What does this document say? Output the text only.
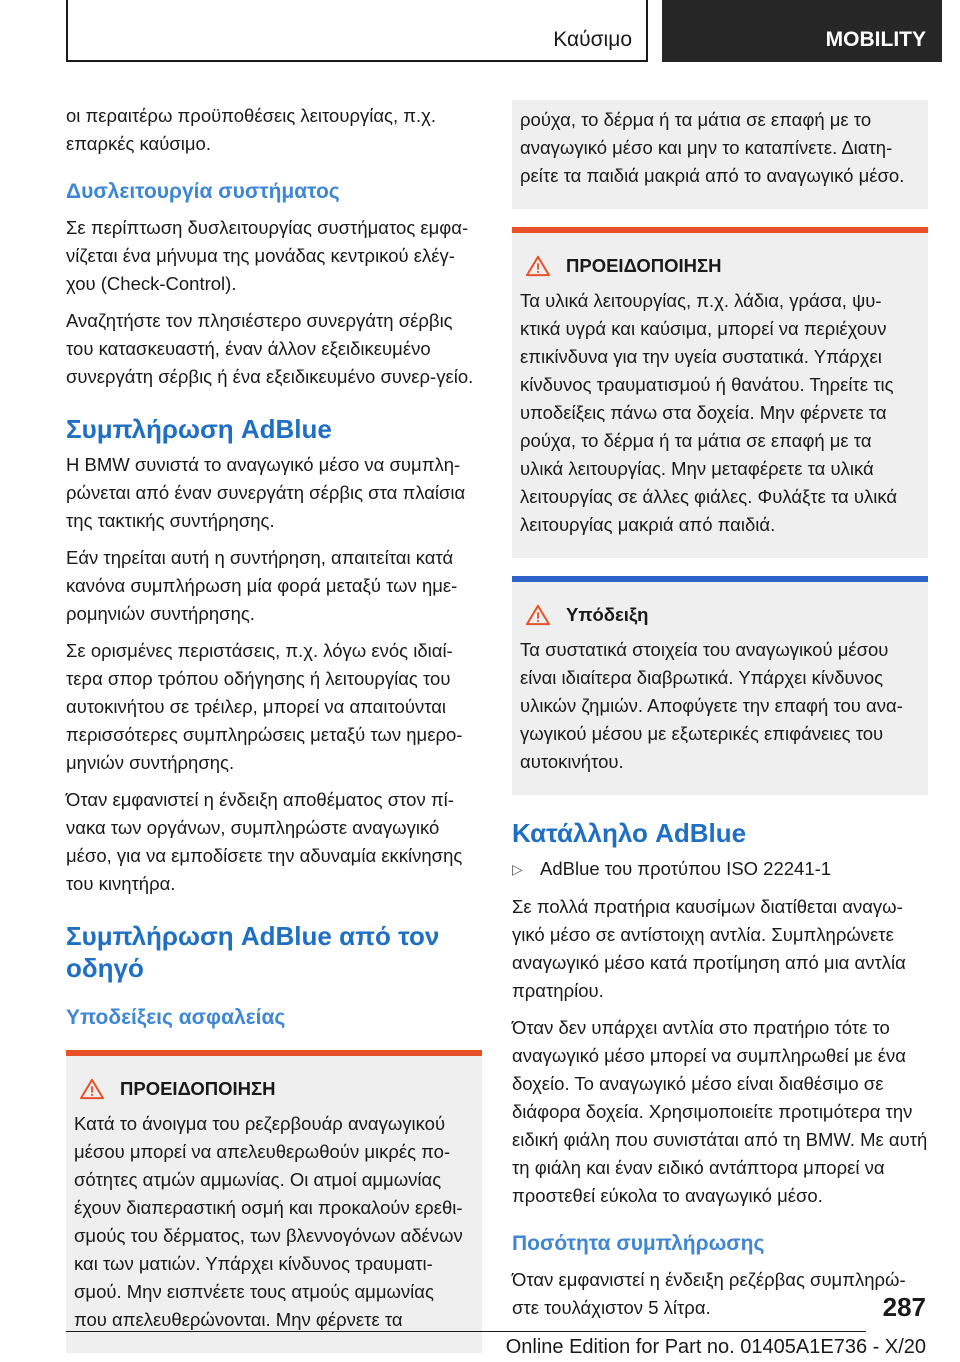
Καύσιμο	MOBILITY

οι περαιτέρω προϋποθέσεις λειτουργίας, π.χ. επαρκές καύσιμο.

Δυσλειτουργία συστήματος

Σε περίπτωση δυσλειτουργίας συστήματος εμφα-νίζεται ένα μήνυμα της μονάδας κεντρικού ελέγ-χου (Check-Control).

Αναζητήστε τον πλησιέστερο συνεργάτη σέρβις του κατασκευαστή, έναν άλλον εξειδικευμένο συνεργάτη σέρβις ή ένα εξειδικευμένο συνερ-γείο.

Συμπλήρωση AdBlue

Η BMW συνιστά το αναγωγικό μέσο να συμπλη-ρώνεται από έναν συνεργάτη σέρβις στα πλαίσια της τακτικής συντήρησης.

Εάν τηρείται αυτή η συντήρηση, απαιτείται κατά κανόνα συμπλήρωση μία φορά μεταξύ των ημε-ρομηνιών συντήρησης.

Σε ορισμένες περιστάσεις, π.χ. λόγω ενός ιδιαί-τερα σπορ τρόπου οδήγησης ή λειτουργίας του αυτοκινήτου σε τρέιλερ, μπορεί να απαιτούνται περισσότερες συμπληρώσεις μεταξύ των ημερο-μηνιών συντήρησης.

Όταν εμφανιστεί η ένδειξη αποθέματος στον πί-νακα των οργάνων, συμπληρώστε αναγωγικό μέσο, για να εμποδίσετε την αδυναμία εκκίνησης του κινητήρα.

Συμπλήρωση AdBlue από τον οδηγό
Υποδείξεις ασφαλείας
ΠΡΟΕΙΔΟΠΟΙΗΣΗ

Κατά το άνοιγμα του ρεζερβουάρ αναγωγικού μέσου μπορεί να απελευθερωθούν μικρές πο-σότητες ατμών αμμωνίας. Οι ατμοί αμμωνίας έχουν διαπεραστική οσμή και προκαλούν ερεθι-σμούς του δέρματος, των βλεννογόνων αδένων και των ματιών. Υπάρχει κίνδυνος τραυματι-σμού. Μην εισπνέετε τους ατμούς αμμωνίας που απελευθερώνονται. Μην φέρνετε τα

ρούχα, το δέρμα ή τα μάτια σε επαφή με το αναγωγικό μέσο και μην το καταπίνετε. Διατη-ρείτε τα παιδιά μακριά από το αναγωγικό μέσο.

ΠΡΟΕΙΔΟΠΟΙΗΣΗ

Τα υλικά λειτουργίας, π.χ. λάδια, γράσα, ψυ-κτικά υγρά και καύσιμα, μπορεί να περιέχουν επικίνδυνα για την υγεία συστατικά. Υπάρχει κίνδυνος τραυματισμού ή θανάτου. Τηρείτε τις υποδείξεις πάνω στα δοχεία. Μην φέρνετε τα ρούχα, το δέρμα ή τα μάτια σε επαφή με τα υλικά λειτουργίας. Μην μεταφέρετε τα υλικά λειτουργίας σε άλλες φιάλες. Φυλάξτε τα υλικά λειτουργίας μακριά από παιδιά.

Υπόδειξη

Τα συστατικά στοιχεία του αναγωγικού μέσου είναι ιδιαίτερα διαβρωτικά. Υπάρχει κίνδυνος υλικών ζημιών. Αποφύγετε την επαφή του ανα-γωγικού μέσου με εξωτερικές επιφάνειες του αυτοκινήτου.

Κατάλληλο AdBlue
▷ AdBlue του προτύπου ISO 22241-1

Σε πολλά πρατήρια καυσίμων διατίθεται αναγω-γικό μέσο σε αντίστοιχη αντλία. Συμπληρώνετε αναγωγικό μέσο κατά προτίμηση από μια αντλία πρατηρίου.

Όταν δεν υπάρχει αντλία στο πρατήριο τότε το αναγωγικό μέσο μπορεί να συμπληρωθεί με ένα δοχείο. Το αναγωγικό μέσο είναι διαθέσιμο σε διάφορα δοχεία. Χρησιμοποιείτε προτιμότερα την ειδική φιάλη που συνιστάται από τη BMW. Με αυτή τη φιάλη και έναν ειδικό αντάπτορα μπορεί να προστεθεί εύκολα το αναγωγικό μέσο.

Ποσότητα συμπλήρωσης

Όταν εμφανιστεί η ένδειξη ρεζέρβας συμπληρώ-στε τουλάχιστον 5 λίτρα.	287
Online Edition for Part no. 01405A1E736 - X/20
